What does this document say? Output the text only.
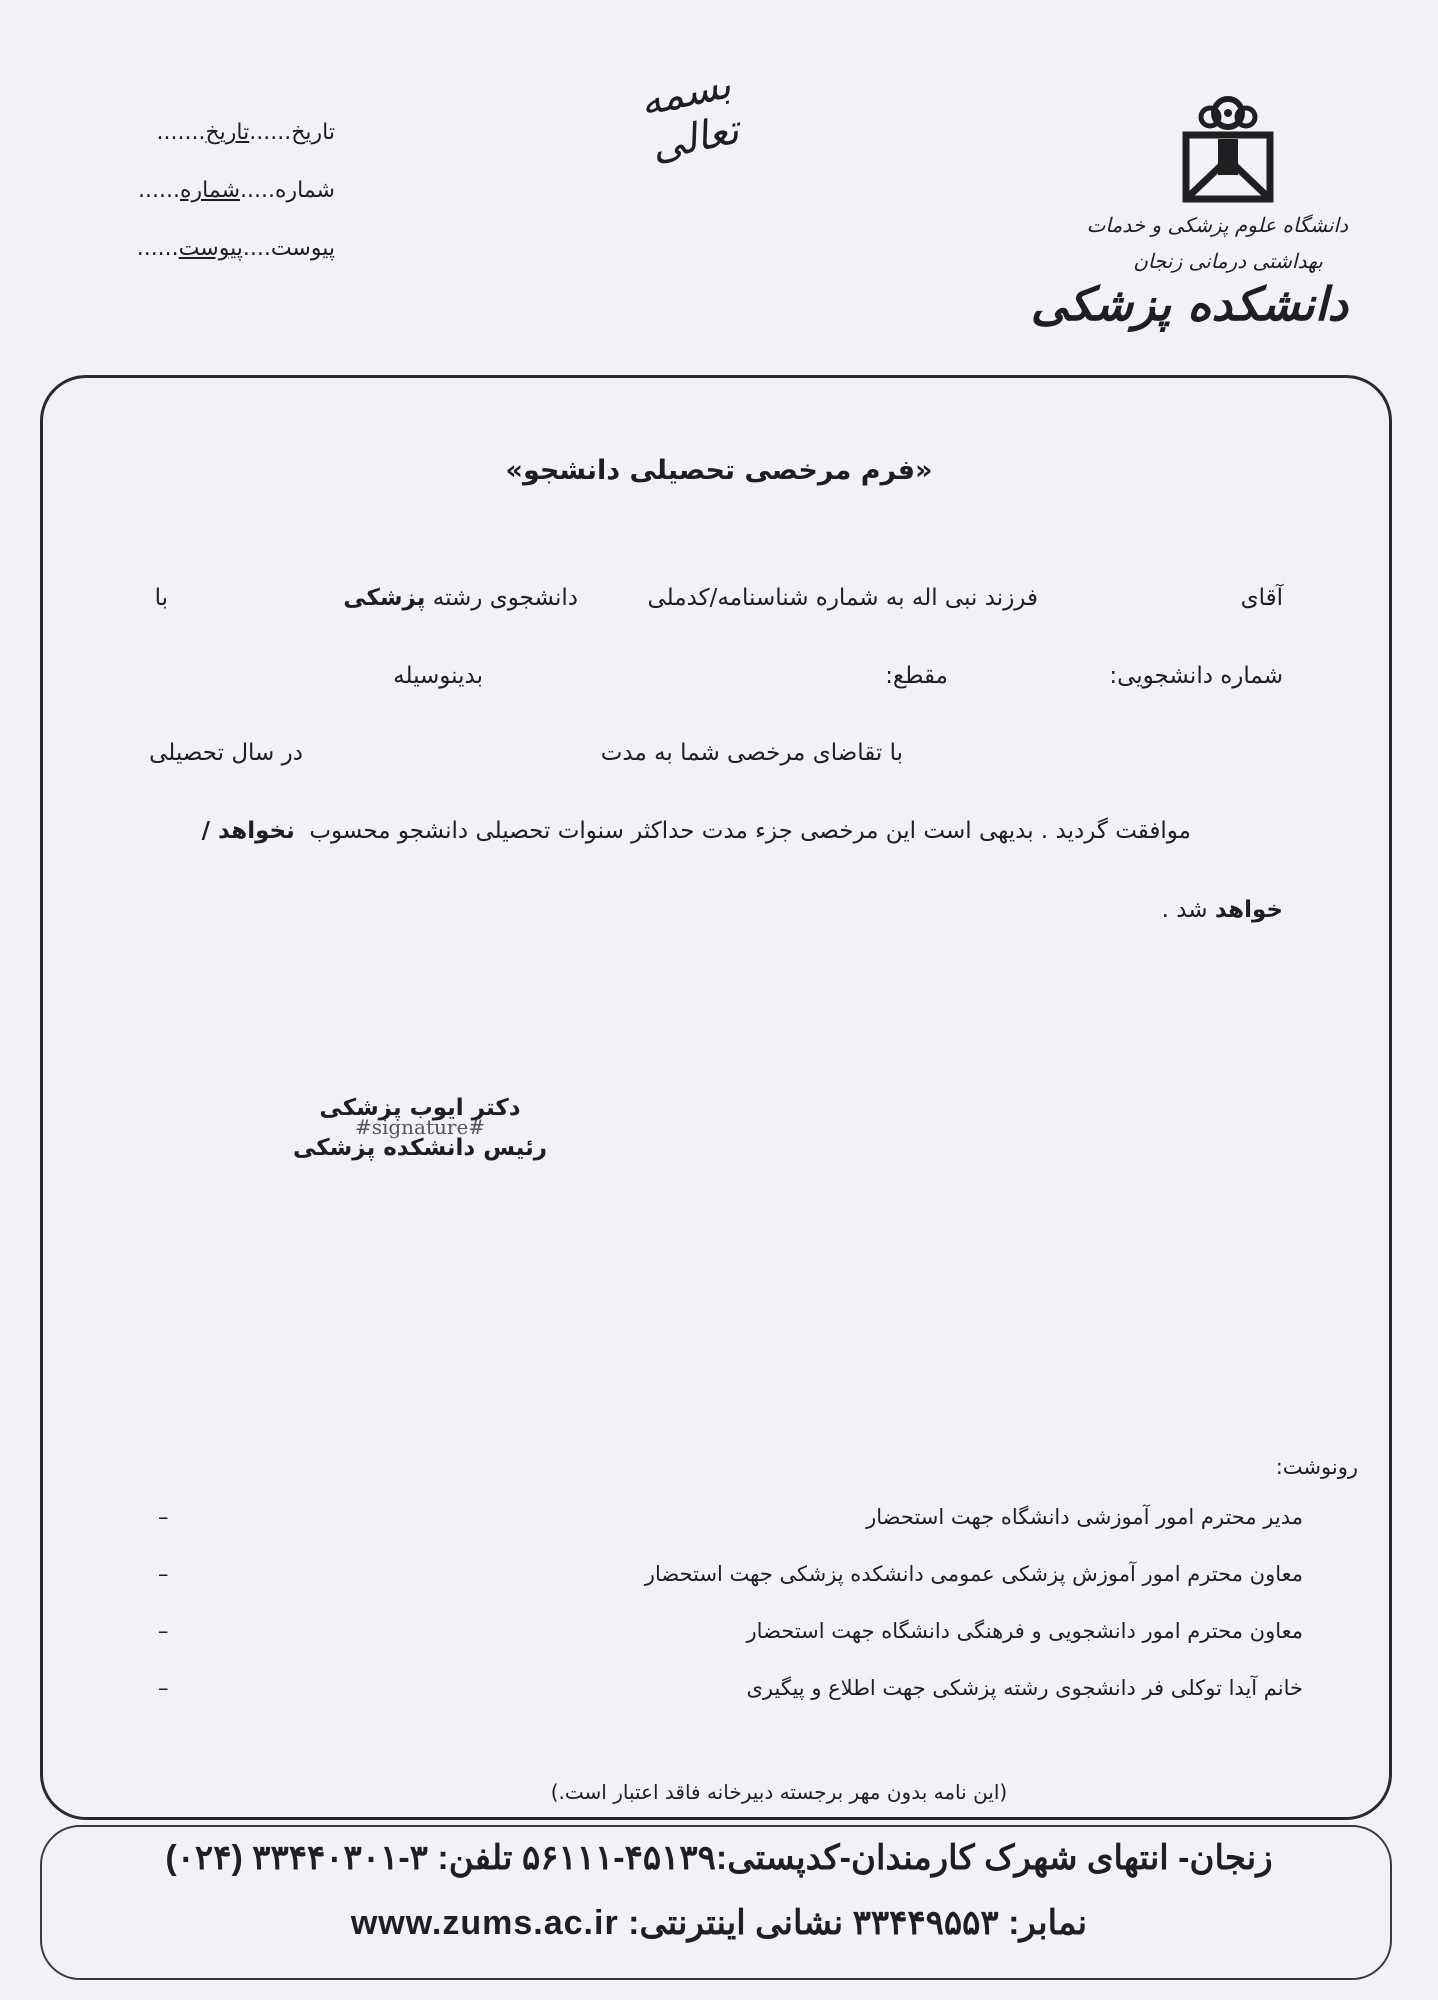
دانشگاه علوم پزشکی و خدمات
بهداشتی درمانی زنجان
دانشکده پزشکی
بسمه تعالی
تاریخ......تاریخ.......
شماره.....شماره......
پیوست....پیوست......
«فرم مرخصی تحصیلی دانشجو»
آقای
فرزند نبی اله به شماره شناسنامه/کدملی
دانشجوی رشته پزشکی
با
شماره دانشجویی:
مقطع:
بدینوسیله
با تقاضای مرخصی شما به مدت
در سال تحصیلی
موافقت گردید . بدیهی است این مرخصی جزء مدت حداکثر سنوات تحصیلی دانشجو محسوب  نخواهد /
خواهد شد .
دکتر ایوب پزشکی
#signature#
رئیس دانشکده پزشکی
رونوشت:
مدیر محترم امور آموزشی دانشگاه جهت استحضار
–
معاون محترم امور آموزش پزشکی عمومی دانشکده پزشکی جهت استحضار
–
معاون محترم امور دانشجویی و فرهنگی دانشگاه جهت استحضار
–
خانم آیدا توکلی فر دانشجوی رشته پزشکی جهت اطلاع و پیگیری
–
(این نامه بدون مهر برجسته دبیرخانه فاقد اعتبار است.)
زنجان- انتهای شهرک کارمندان-کدپستی:۴۵۱۳۹-۵۶۱۱۱ تلفن: ۳-۳۳۴۴۰۳۰۱ (۰۲۴)
نمابر: ۳۳۴۴۹۵۵۳ نشانی اینترنتی: www.zums.ac.ir
